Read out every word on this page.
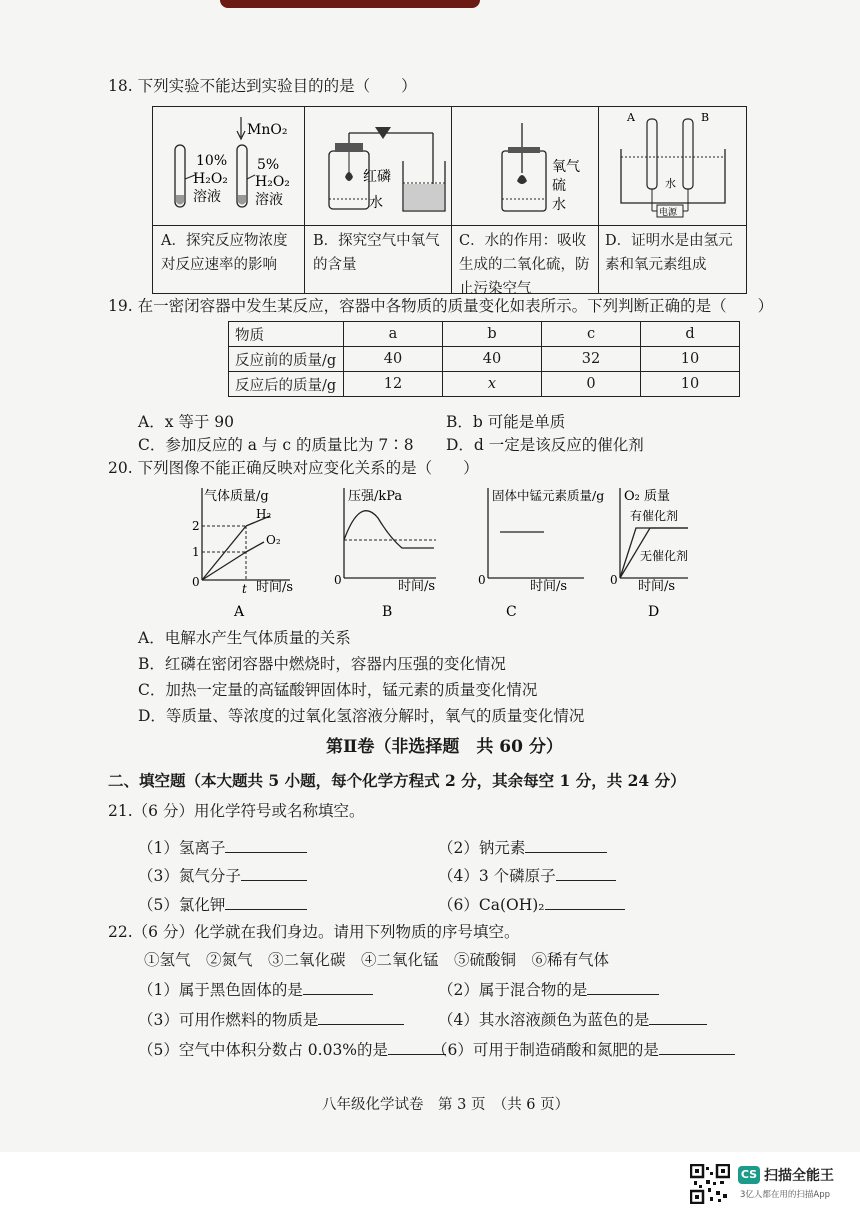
18. 下列实验不能达到实验目的的是（　　）
10%
H₂O₂
溶液
MnO₂
5%
H₂O₂
溶液
红磷
水
氧气
硫
水
A	B
水
电源
A．探究反应物浓度对反应速率的影响
B．探究空气中氧气的含量
C．水的作用：吸收生成的二氧化硫，防止污染空气
D．证明水是由氢元素和氧元素组成
19. 在一密闭容器中发生某反应，容器中各物质的质量变化如表所示。下列判断正确的是（　　）
物质	a	b	c	d
反应前的质量/g	40	40	32	10
反应后的质量/g	12	x	0	10
A．x 等于 90	B．b 可能是单质
C．参加反应的 a 与 c 的质量比为 7∶8 D．d 一定是该反应的催化剂
20. 下列图像不能正确反映对应变化关系的是（　　）
气体质量/g
2
1
0	t 时间/s
H₂
O₂
A
压强/kPa
0	时间/s
B
固体中锰元素质量/g
0	时间/s
C
O₂ 质量
0 时间/s
有催化剂
无催化剂
D
A．电解水产生气体质量的关系
B．红磷在密闭容器中燃烧时，容器内压强的变化情况
C．加热一定量的高锰酸钾固体时，锰元素的质量变化情况
D．等质量、等浓度的过氧化氢溶液分解时，氧气的质量变化情况
第Ⅱ卷（非选择题　共 60 分）
二、填空题（本大题共 5 小题，每个化学方程式 2 分，其余每空 1 分，共 24 分）
21.（6 分）用化学符号或名称填空。
（1）氢离子	（2）钠元素
（3）氮气分子	（4）3 个磷原子
（5）氯化钾	（6）Ca(OH)₂
22.（6 分）化学就在我们身边。请用下列物质的序号填空。
①氢气　②氮气　③二氧化碳　④二氧化锰　⑤硫酸铜　⑥稀有气体
（1）属于黑色固体的是	（2）属于混合物的是
（3）可用作燃料的物质是	（4）其水溶液颜色为蓝色的是
（5）空气中体积分数占 0.03%的是	（6）可用于制造硝酸和氮肥的是
八年级化学试卷　第 3 页　（共 6 页）
CS 扫描全能王
3亿人都在用的扫描App
